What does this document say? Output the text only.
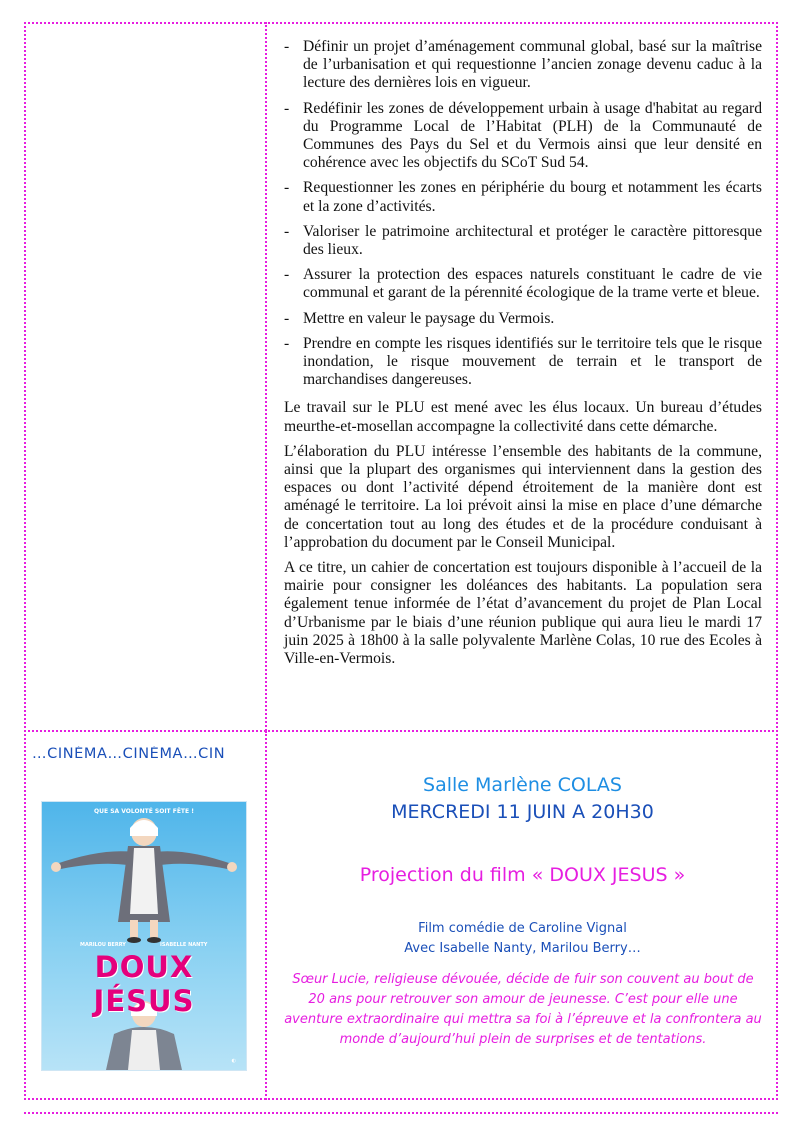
- Définir un projet d’aménagement communal global, basé sur la maîtrise de l’urbanisation et qui requestionne l’ancien zonage devenu caduc à la lecture des dernières lois en vigueur.
- Redéfinir les zones de développement urbain à usage d'habitat au regard du Programme Local de l’Habitat (PLH) de la Communauté de Communes des Pays du Sel et du Vermois ainsi que leur densité en cohérence avec les objectifs du SCoT Sud 54.
- Requestionner les zones en périphérie du bourg et notamment les écarts et la zone d’activités.
- Valoriser le patrimoine architectural et protéger le caractère pittoresque des lieux.
- Assurer la protection des espaces naturels constituant le cadre de vie communal et garant de la pérennité écologique de la trame verte et bleue.
- Mettre en valeur le paysage du Vermois.
- Prendre en compte les risques identifiés sur le territoire tels que le risque inondation, le risque mouvement de terrain et le transport de marchandises dangereuses.

Le travail sur le PLU est mené avec les élus locaux. Un bureau d’études meurthe-et-mosellan accompagne la collectivité dans cette démarche.

L’élaboration du PLU intéresse l’ensemble des habitants de la commune, ainsi que la plupart des organismes qui interviennent dans la gestion des espaces ou dont l’activité dépend étroitement de la manière dont est aménagé le territoire. La loi prévoit ainsi la mise en place d’une démarche de concertation tout au long des études et de la procédure conduisant à l’approbation du document par le Conseil Municipal.

A ce titre, un cahier de concertation est toujours disponible à l’accueil de la mairie pour consigner les doléances des habitants. La population sera également tenue informée de l’état d’avancement du projet de Plan Local d’Urbanisme par le biais d’une réunion publique qui aura lieu le mardi 17 juin 2025 à 18h00 à la salle polyvalente Marlène Colas, 10 rue des Ecoles à Ville-en-Vermois.

…CINÉMA…CINÉMA…CIN
QUE SA VOLONTÉ SOIT FÊTE !
MARILOU BERRY	ISABELLE NANTY
DOUX JÉSUS
◐
Salle Marlène COLAS
MERCREDI 11 JUIN A 20H30
Projection du film « DOUX JESUS »
Film comédie de Caroline Vignal
Avec Isabelle Nanty, Marilou Berry…
Sœur Lucie, religieuse dévouée, décide de fuir son couvent au bout de 20 ans pour retrouver son amour de jeunesse. C’est pour elle une aventure extraordinaire qui mettra sa foi à l’épreuve et la confrontera au monde d’aujourd’hui plein de surprises et de tentations.
